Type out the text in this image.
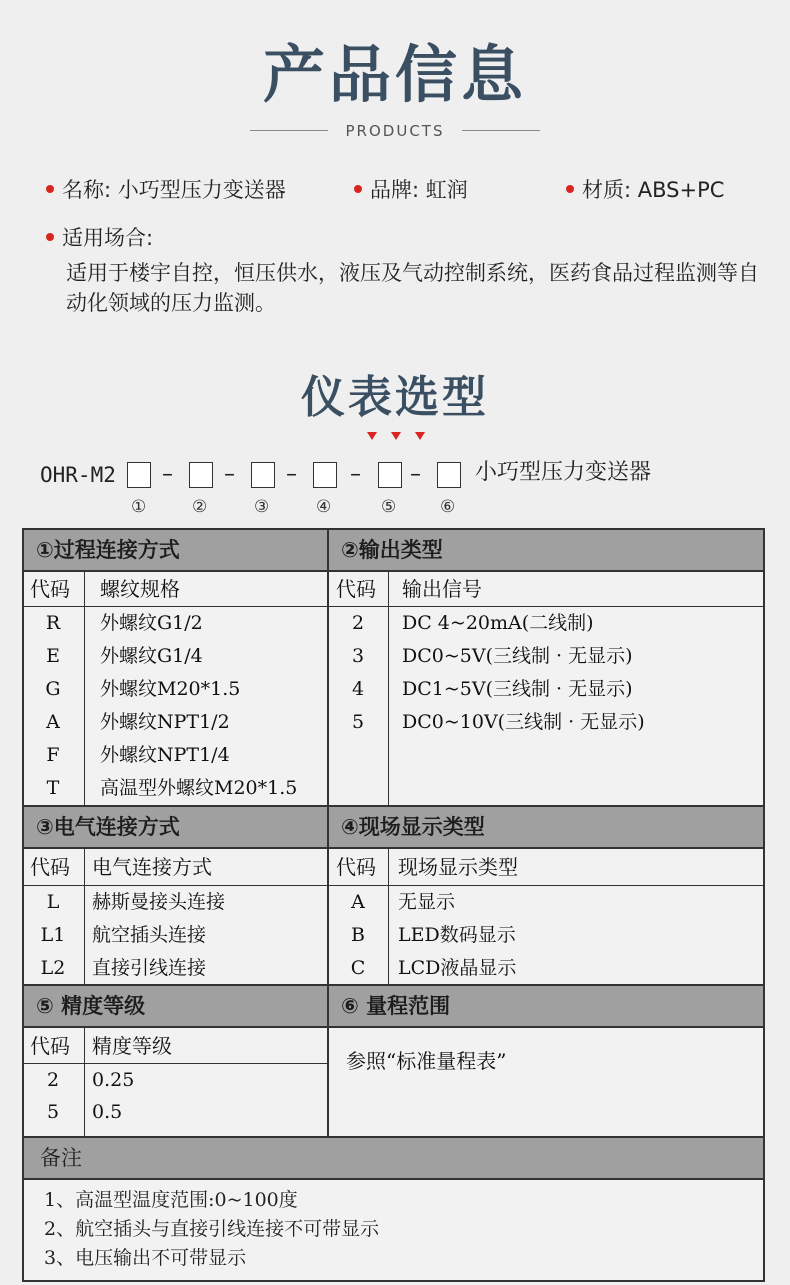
产品信息
PRODUCTS
名称: 小巧型压力变送器	品牌: 虹润	材质: ABS+PC
适用场合:
适用于楼宇自控，恒压供水，液压及气动控制系统，医药食品过程监测等自动化领域的压力监测。
仪表选型
OHR-M2 – – – – – 小巧型压力变送器
①	②	③	④	⑤	⑥
①过程连接方式	②输出类型
代码 螺纹规格
R	外螺纹G1/2
E	外螺纹G1/4
G	外螺纹M20*1.5
A	外螺纹NPT1/2
F	外螺纹NPT1/4
T	高温型外螺纹M20*1.5
代码 输出信号
2	DC 4~20mA(二线制)
3	DC0~5V(三线制 · 无显示)
4	DC1~5V(三线制 · 无显示)
5	DC0~10V(三线制 · 无显示)
③电气连接方式	④现场显示类型
代码 电气连接方式
L	赫斯曼接头连接
L1	航空插头连接
L2	直接引线连接
代码 现场显示类型
A	无显示
B	LED数码显示
C	LCD液晶显示
⑤ 精度等级	⑥ 量程范围
代码 精度等级
2	0.25
5	0.5
参照“标准量程表”
备注
1、高温型温度范围:0~100度
2、航空插头与直接引线连接不可带显示
3、电压输出不可带显示
